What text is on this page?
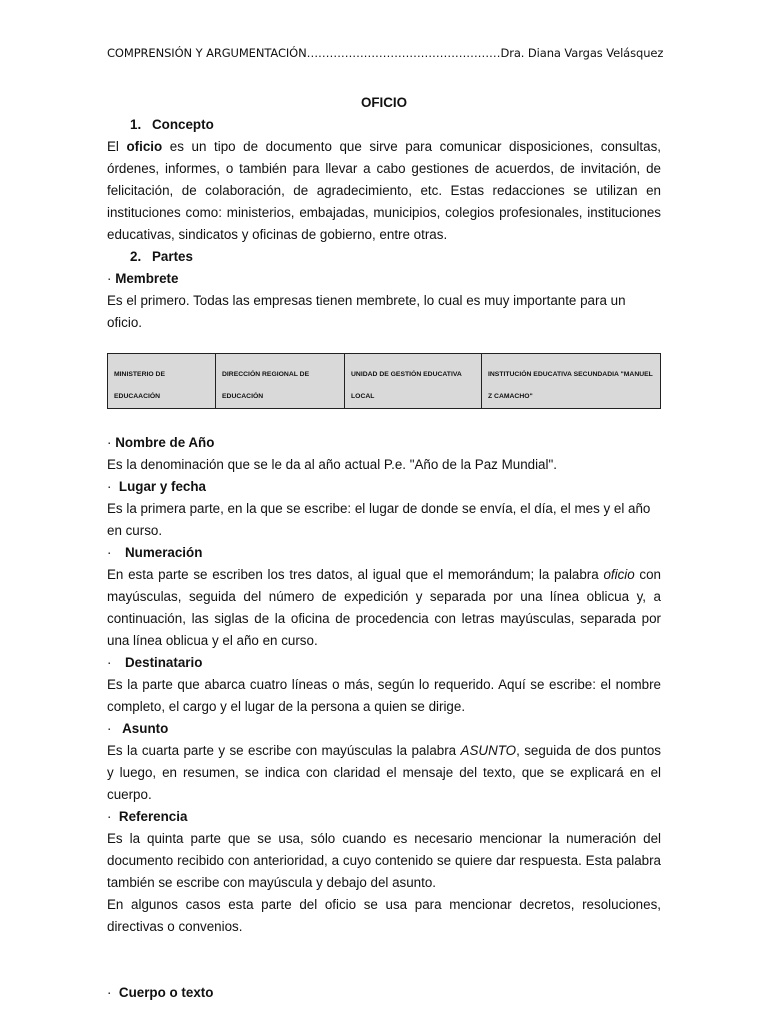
COMPRENSIÓN Y ARGUMENTACIÓN……………………………………………Dra. Diana Vargas Velásquez

OFICIO

1. Concepto

El oficio es un tipo de documento que sirve para comunicar disposiciones, consultas, órdenes, informes, o también para llevar a cabo gestiones de acuerdos, de invitación, de felicitación, de colaboración, de agradecimiento, etc. Estas redacciones se utilizan en instituciones como: ministerios, embajadas, municipios, colegios profesionales, instituciones educativas, sindicatos y oficinas de gobierno, entre otras.

2. Partes

· Membrete

Es el primero. Todas las empresas tienen membrete, lo cual es muy importante para un oficio.

MINISTERIO DE EDUCAACIÓN	DIRECCIÓN REGIONAL DE EDUCACIÓN	UNIDAD DE GESTIÓN EDUCATIVA LOCAL	INSTITUCIÓN EDUCATIVA SECUNDADIA "MANUEL Z CAMACHO"

· Nombre de Año

Es la denominación que se le da al año actual P.e. "Año de la Paz Mundial".

· Lugar y fecha

Es la primera parte, en la que se escribe: el lugar de donde se envía, el día, el mes y el año en curso.

· Numeración

En esta parte se escriben los tres datos, al igual que el memorándum; la palabra oficio con mayúsculas, seguida del número de expedición y separada por una línea oblicua y, a continuación, las siglas de la oficina de procedencia con letras mayúsculas, separada por una línea oblicua y el año en curso.

· Destinatario

Es la parte que abarca cuatro líneas o más, según lo requerido. Aquí se escribe: el nombre completo, el cargo y el lugar de la persona a quien se dirige.

· Asunto

Es la cuarta parte y se escribe con mayúsculas la palabra ASUNTO, seguida de dos puntos y luego, en resumen, se indica con claridad el mensaje del texto, que se explicará en el cuerpo.

· Referencia

Es la quinta parte que se usa, sólo cuando es necesario mencionar la numeración del documento recibido con anterioridad, a cuyo contenido se quiere dar respuesta. Esta palabra también se escribe con mayúscula y debajo del asunto.

En algunos casos esta parte del oficio se usa para mencionar decretos, resoluciones, directivas o convenios.

· Cuerpo o texto
